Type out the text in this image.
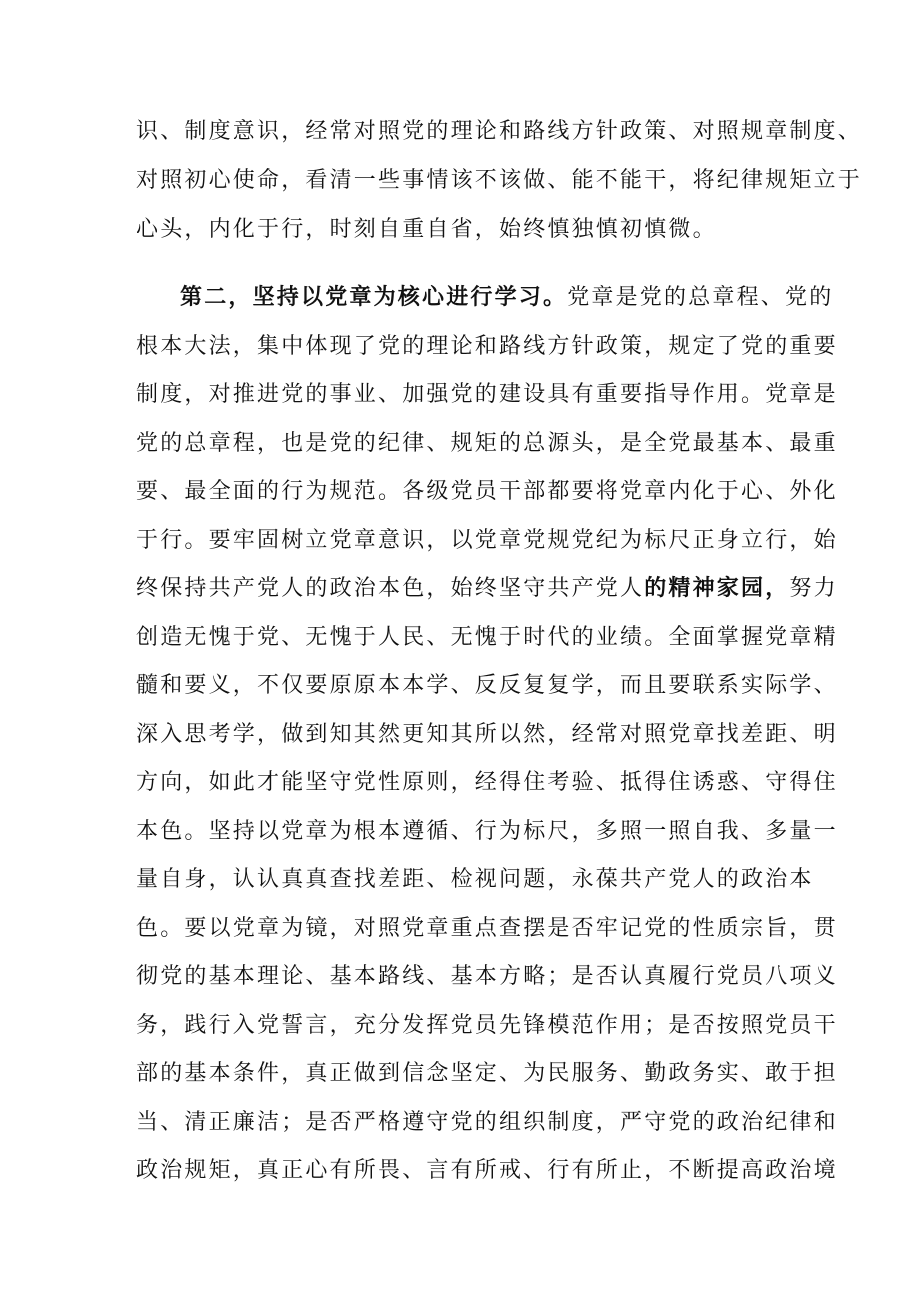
识、制度意识，经常对照党的理论和路线方针政策、对照规章制度、
对照初心使命，看清一些事情该不该做、能不能干，将纪律规矩立于
心头，内化于行，时刻自重自省，始终慎独慎初慎微。
第二，坚持以党章为核心进行学习。党章是党的总章程、党的
根本大法，集中体现了党的理论和路线方针政策，规定了党的重要
制度，对推进党的事业、加强党的建设具有重要指导作用。党章是
党的总章程，也是党的纪律、规矩的总源头，是全党最基本、最重
要、最全面的行为规范。各级党员干部都要将党章内化于心、外化
于行。要牢固树立党章意识，以党章党规党纪为标尺正身立行，始
终保持共产党人的政治本色，始终坚守共产党人的精神家园，努力
创造无愧于党、无愧于人民、无愧于时代的业绩。全面掌握党章精
髓和要义，不仅要原原本本学、反反复复学，而且要联系实际学、
深入思考学，做到知其然更知其所以然，经常对照党章找差距、明
方向，如此才能坚守党性原则，经得住考验、抵得住诱惑、守得住
本色。坚持以党章为根本遵循、行为标尺，多照一照自我、多量一
量自身，认认真真查找差距、检视问题，永葆共产党人的政治本
色。要以党章为镜，对照党章重点查摆是否牢记党的性质宗旨，贯
彻党的基本理论、基本路线、基本方略；是否认真履行党员八项义
务，践行入党誓言，充分发挥党员先锋模范作用；是否按照党员干
部的基本条件，真正做到信念坚定、为民服务、勤政务实、敢于担
当、清正廉洁；是否严格遵守党的组织制度，严守党的政治纪律和
政治规矩，真正心有所畏、言有所戒、行有所止，不断提高政治境
